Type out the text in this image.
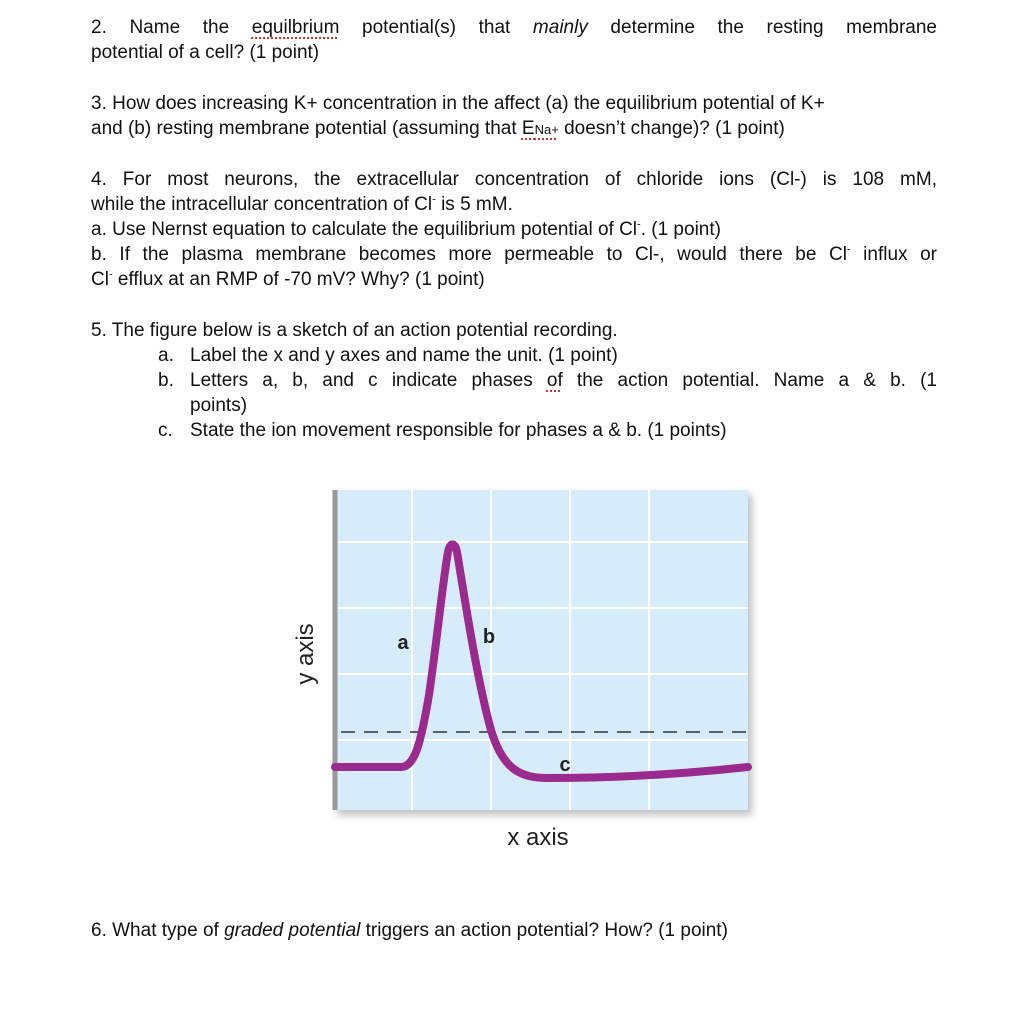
2. Name the equilbrium potential(s) that mainly determine the resting membrane
potential of a cell? (1 point)
3. How does increasing K+ concentration in the affect (a) the equilibrium potential of K+
and (b) resting membrane potential (assuming that ENa+ doesn’t change)? (1 point)
4. For most neurons, the extracellular concentration of chloride ions (Cl-) is 108 mM,
while the intracellular concentration of Cl- is 5 mM.
a. Use Nernst equation to calculate the equilibrium potential of Cl-. (1 point)
b. If the plasma membrane becomes more permeable to Cl-, would there be Cl- influx or
Cl- efflux at an RMP of -70 mV? Why? (1 point)
5. The figure below is a sketch of an action potential recording.
a. Label the x and y axes and name the unit. (1 point)
b. Letters a, b, and c indicate phases of the action potential. Name a & b. (1
points)
c. State the ion movement responsible for phases a & b. (1 points)
a	b
c
y axis
x axis
6. What type of graded potential triggers an action potential? How? (1 point)
